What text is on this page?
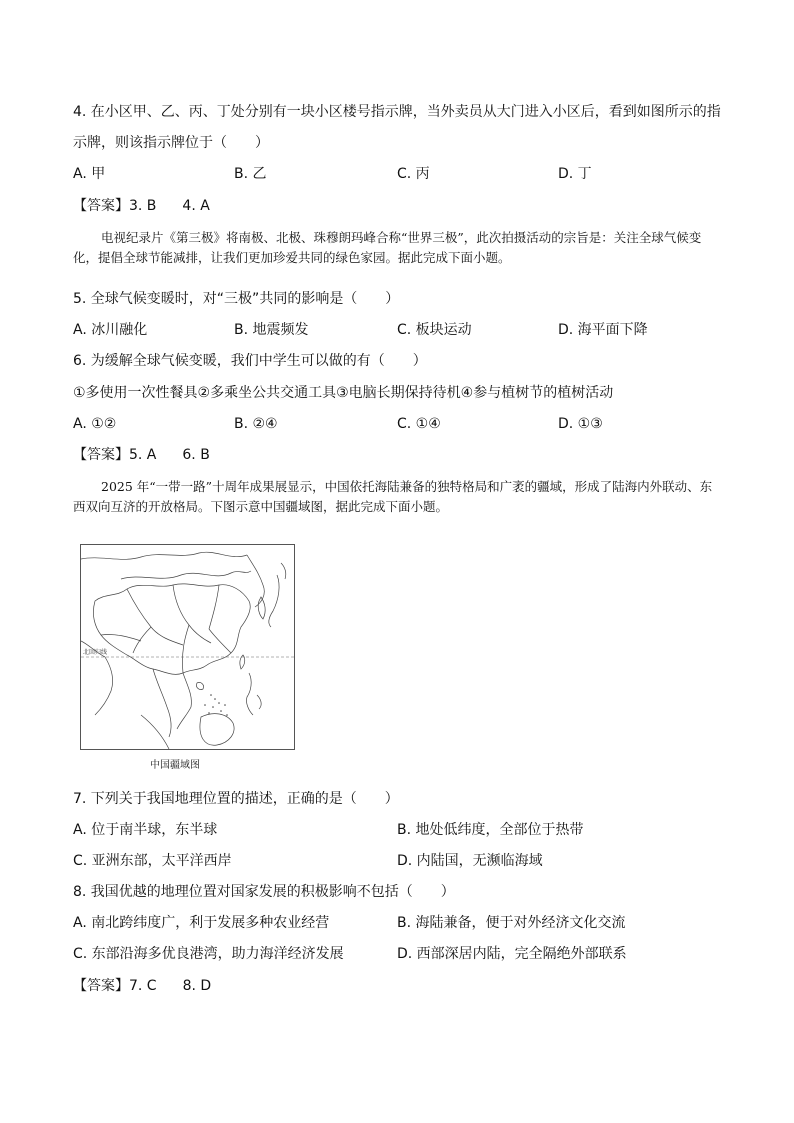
4. 在小区甲、乙、丙、丁处分别有一块小区楼号指示牌，当外卖员从大门进入小区后，看到如图所示的指
示牌，则该指示牌位于（　　）
A. 甲	B. 乙	C. 丙	D. 丁
【答案】3. B 4. A
电视纪录片《第三极》将南极、北极、珠穆朗玛峰合称“世界三极”，此次拍摄活动的宗旨是：关注全球气候变化，提倡全球节能减排，让我们更加珍爱共同的绿色家园。据此完成下面小题。
5. 全球气候变暖时，对“三极”共同的影响是（　　）
A. 冰川融化	B. 地震频发	C. 板块运动	D. 海平面下降
6. 为缓解全球气候变暖，我们中学生可以做的有（　　）
①多使用一次性餐具②多乘坐公共交通工具③电脑长期保持待机④参与植树节的植树活动
A. ①②	B. ②④	C. ①④	D. ①③
【答案】5. A 6. B
2025 年“一带一路”十周年成果展显示，中国依托海陆兼备的独特格局和广袤的疆域，形成了陆海内外联动、东西双向互济的开放格局。下图示意中国疆域图，据此完成下面小题。
北回归线
中国疆域图
7. 下列关于我国地理位置的描述，正确的是（　　）
A. 位于南半球，东半球	B. 地处低纬度，全部位于热带
C. 亚洲东部，太平洋西岸	D. 内陆国，无濒临海域
8. 我国优越的地理位置对国家发展的积极影响不包括（　　）
A. 南北跨纬度广，利于发展多种农业经营	B. 海陆兼备，便于对外经济文化交流
C. 东部沿海多优良港湾，助力海洋经济发展	D. 西部深居内陆，完全隔绝外部联系
【答案】7. C 8. D
